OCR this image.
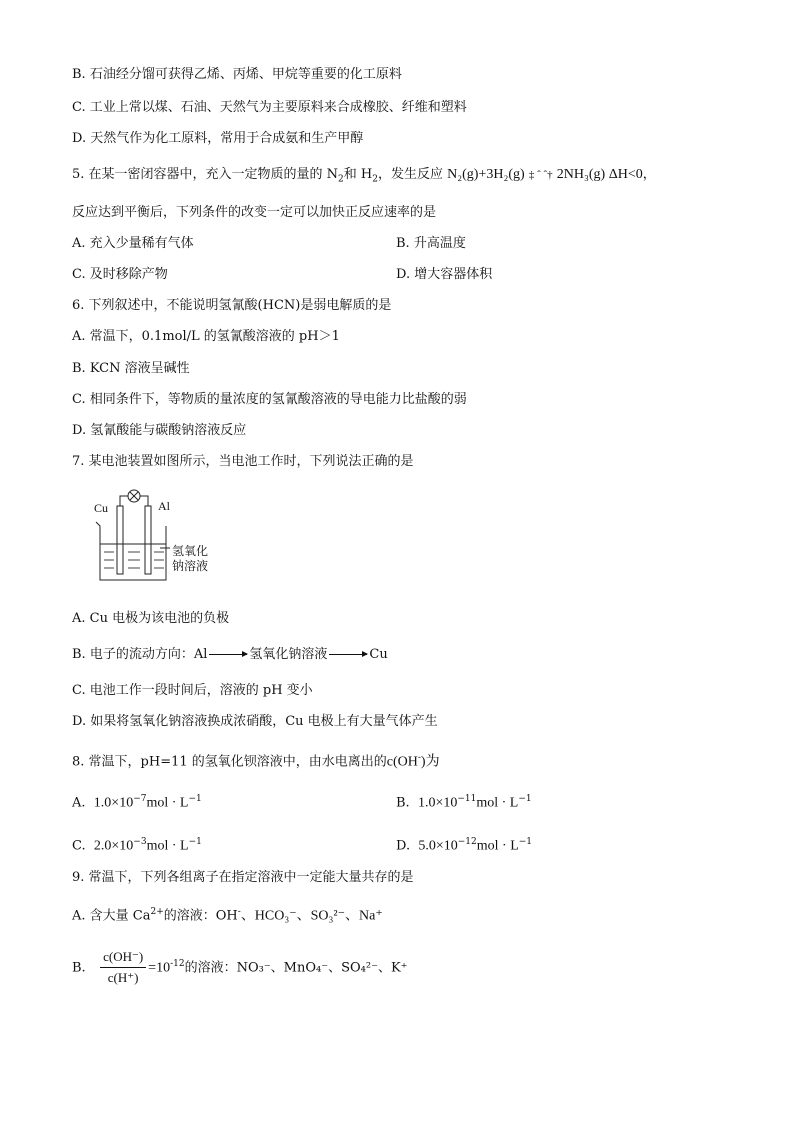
B. 石油经分馏可获得乙烯、丙烯、甲烷等重要的化工原料
C. 工业上常以煤、石油、天然气为主要原料来合成橡胶、纤维和塑料
D. 天然气作为化工原料，常用于合成氨和生产甲醇
5. 在某一密闭容器中，充入一定物质的量的 $N_2$和 $H_2$，发生反应 N₂(g)+3H₂(g) ‡ ˆ ˆ† 2NH₃(g) ΔH<0，
反应达到平衡后，下列条件的改变一定可以加快正反应速率的是
A. 充入少量稀有气体	B. 升高温度
C. 及时移除产物	D. 增大容器体积
6. 下列叙述中，不能说明氢氰酸(HCN)是弱电解质的是
A. 常温下，0.1mol/L 的氢氰酸溶液的 pH＞1
B. KCN 溶液呈碱性
C. 相同条件下，等物质的量浓度的氢氰酸溶液的导电能力比盐酸的弱
D. 氢氰酸能与碳酸钠溶液反应
7. 某电池装置如图所示，当电池工作时，下列说法正确的是
Cu	Al
氢氧化
钠溶液
A. Cu 电极为该电池的负极
B. 电子的流动方向：Al	氢氧化钠溶液	Cu
C. 电池工作一段时间后，溶液的 pH 变小
D. 如果将氢氧化钠溶液换成浓硝酸，Cu 电极上有大量气体产生
8. 常温下，pH=11 的氢氧化钡溶液中，由水电离出的c(OH-)为
A. $1.0\times 10^{-7}mol \cdot L^{-1}$	B. $1.0\times 10^{-11}mol \cdot L^{-1}$
C. $2.0\times 10^{-3}mol \cdot L^{-1}$	D. $5.0\times 10^{-12}mol \cdot L^{-1}$
9. 常温下，下列各组离子在指定溶液中一定能大量共存的是
A. 含大量 $Ca^{2+}$的溶液：OH-、HCO₃⁻、SO₃²⁻、Na⁺
B. $\frac{c(OH^-)}{c(H^+)} =10^{-12}$的溶液：NO₃⁻、MnO₄⁻、SO₄²⁻、K⁺
